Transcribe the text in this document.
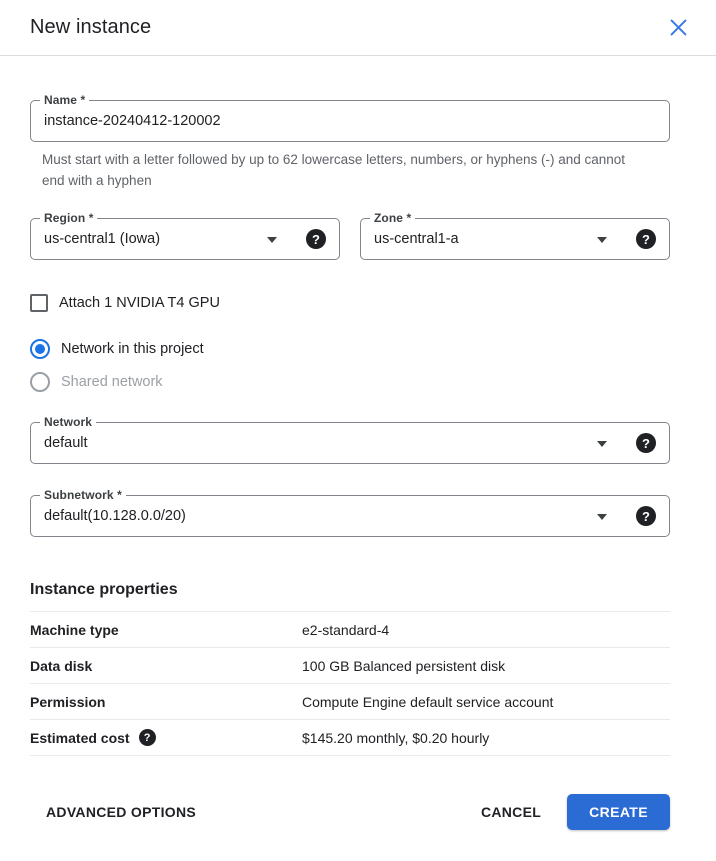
New instance
Name *
instance-20240412-120002
Must start with a letter followed by up to 62 lowercase letters, numbers, or hyphens (-) and cannot end with a hyphen
Region *
us-central1 (Iowa)	?
Zone *
us-central1-a	?
Attach 1 NVIDIA T4 GPU
Network in this project
Shared network
Network
default	?
Subnetwork *
default(10.128.0.0/20)	?
Instance properties
Machine type	e2-standard-4
Data disk	100 GB Balanced persistent disk
Permission	Compute Engine default service account
Estimated cost	?	$145.20 monthly, $0.20 hourly
ADVANCED OPTIONS	CANCEL	CREATE
